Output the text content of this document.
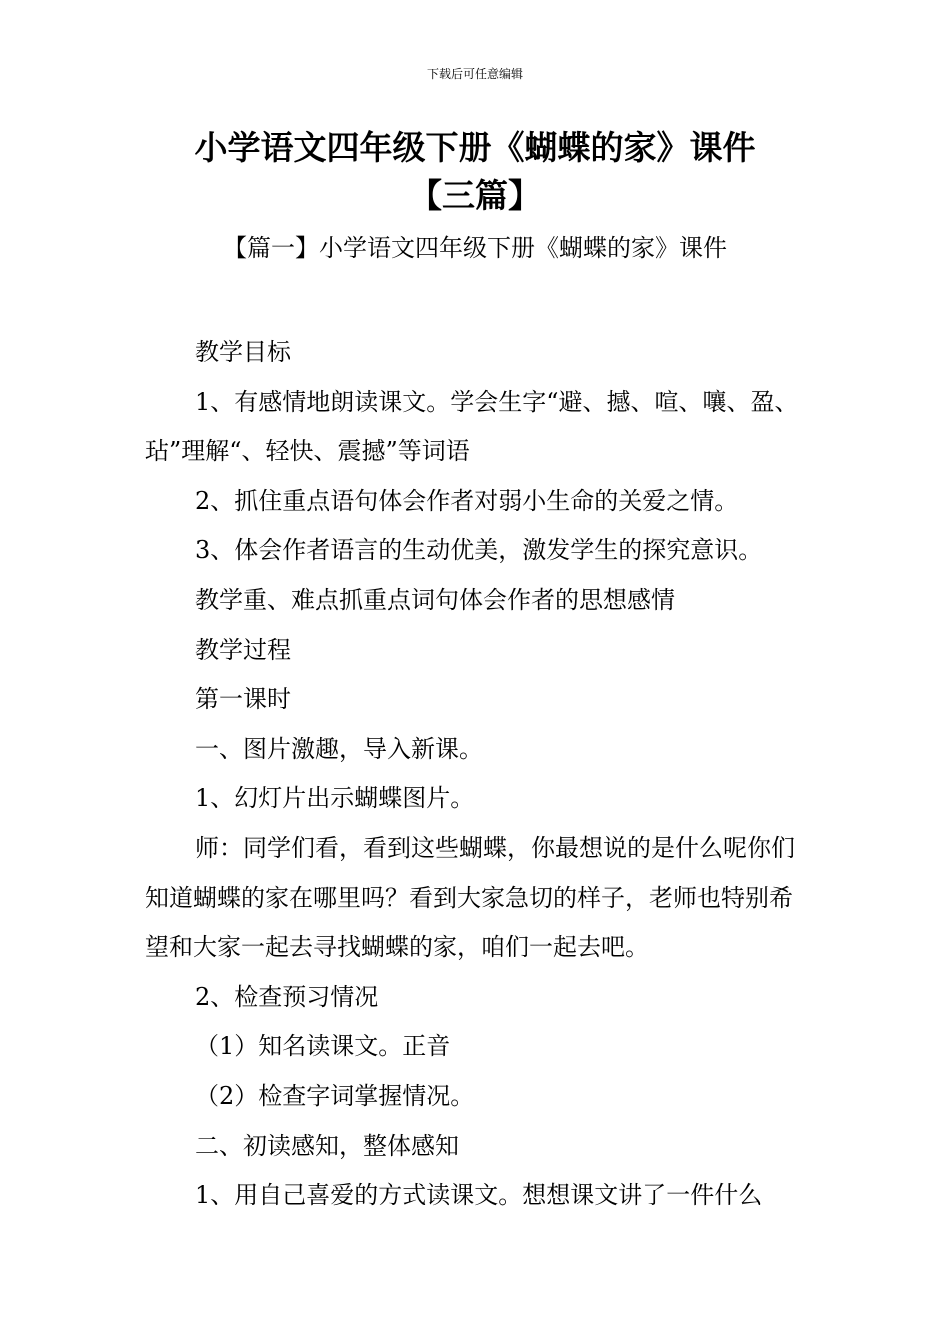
下载后可任意编辑
小学语文四年级下册《蝴蝶的家》课件
【三篇】
【篇一】小学语文四年级下册《蝴蝶的家》课件

教学目标

1、有感情地朗读课文。学会生字“避、撼、喧、嚷、盈、玷”理解“、轻快、震撼”等词语

2、抓住重点语句体会作者对弱小生命的关爱之情。

3、体会作者语言的生动优美，激发学生的探究意识。

教学重、难点抓重点词句体会作者的思想感情

教学过程

第一课时

一、图片激趣，导入新课。

1、幻灯片出示蝴蝶图片。

师：同学们看，看到这些蝴蝶，你最想说的是什么呢你们知道蝴蝶的家在哪里吗？看到大家急切的样子，老师也特别希望和大家一起去寻找蝴蝶的家，咱们一起去吧。

2、检查预习情况

（1）知名读课文。正音

（2）检查字词掌握情况。

二、初读感知，整体感知

1、用自己喜爱的方式读课文。想想课文讲了一件什么
